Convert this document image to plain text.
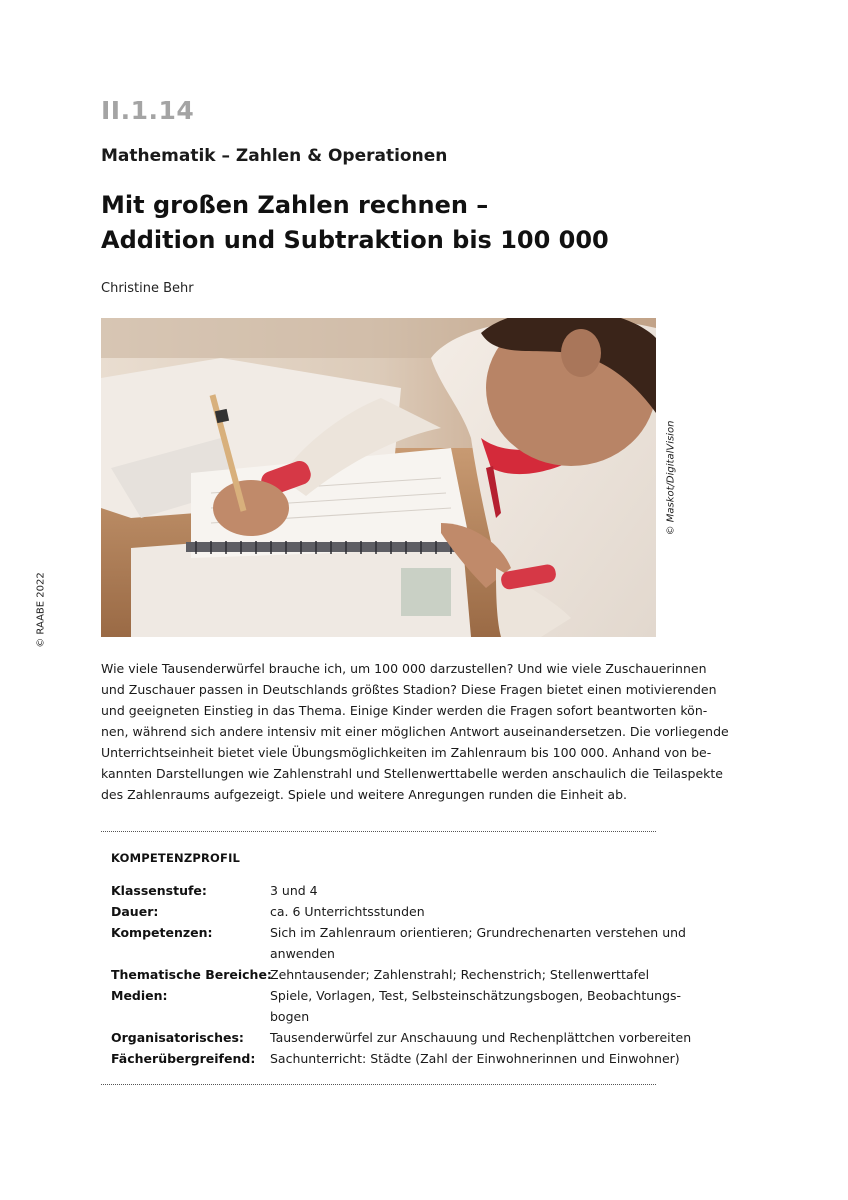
II.1.14
Mathematik – Zahlen & Operationen
Mit großen Zahlen rechnen –
Addition und Subtraktion bis 100 000
Christine Behr
© Maskot/DigitalVision
© RAABE 2022
Wie viele Tausenderwürfel brauche ich, um 100 000 darzustellen? Und wie viele Zuschauerinnen
und Zuschauer passen in Deutschlands größtes Stadion? Diese Fragen bietet einen motivierenden
und geeigneten Einstieg in das Thema. Einige Kinder werden die Fragen sofort beantworten kön-
nen, während sich andere intensiv mit einer möglichen Antwort auseinandersetzen. Die vorliegende
Unterrichtseinheit bietet viele Übungsmöglichkeiten im Zahlenraum bis 100 000. Anhand von be-
kannten Darstellungen wie Zahlenstrahl und Stellenwerttabelle werden anschaulich die Teilaspekte
des Zahlenraums aufgezeigt. Spiele und weitere Anregungen runden die Einheit ab.
KOMPETENZPROFIL
Klassenstufe:	3 und 4
Dauer:	ca. 6 Unterrichtsstunden
Kompetenzen:	Sich im Zahlenraum orientieren; Grundrechenarten verstehen und
anwenden
Thematische Bereiche:
Zehntausender; Zahlenstrahl; Rechenstrich; Stellenwerttafel
Medien:	Spiele, Vorlagen, Test, Selbsteinschätzungsbogen, Beobachtungs-
bogen
Organisatorisches:	Tausenderwürfel zur Anschauung und Rechenplättchen vorbereiten
Fächerübergreifend:	Sachunterricht: Städte (Zahl der Einwohnerinnen und Einwohner)
